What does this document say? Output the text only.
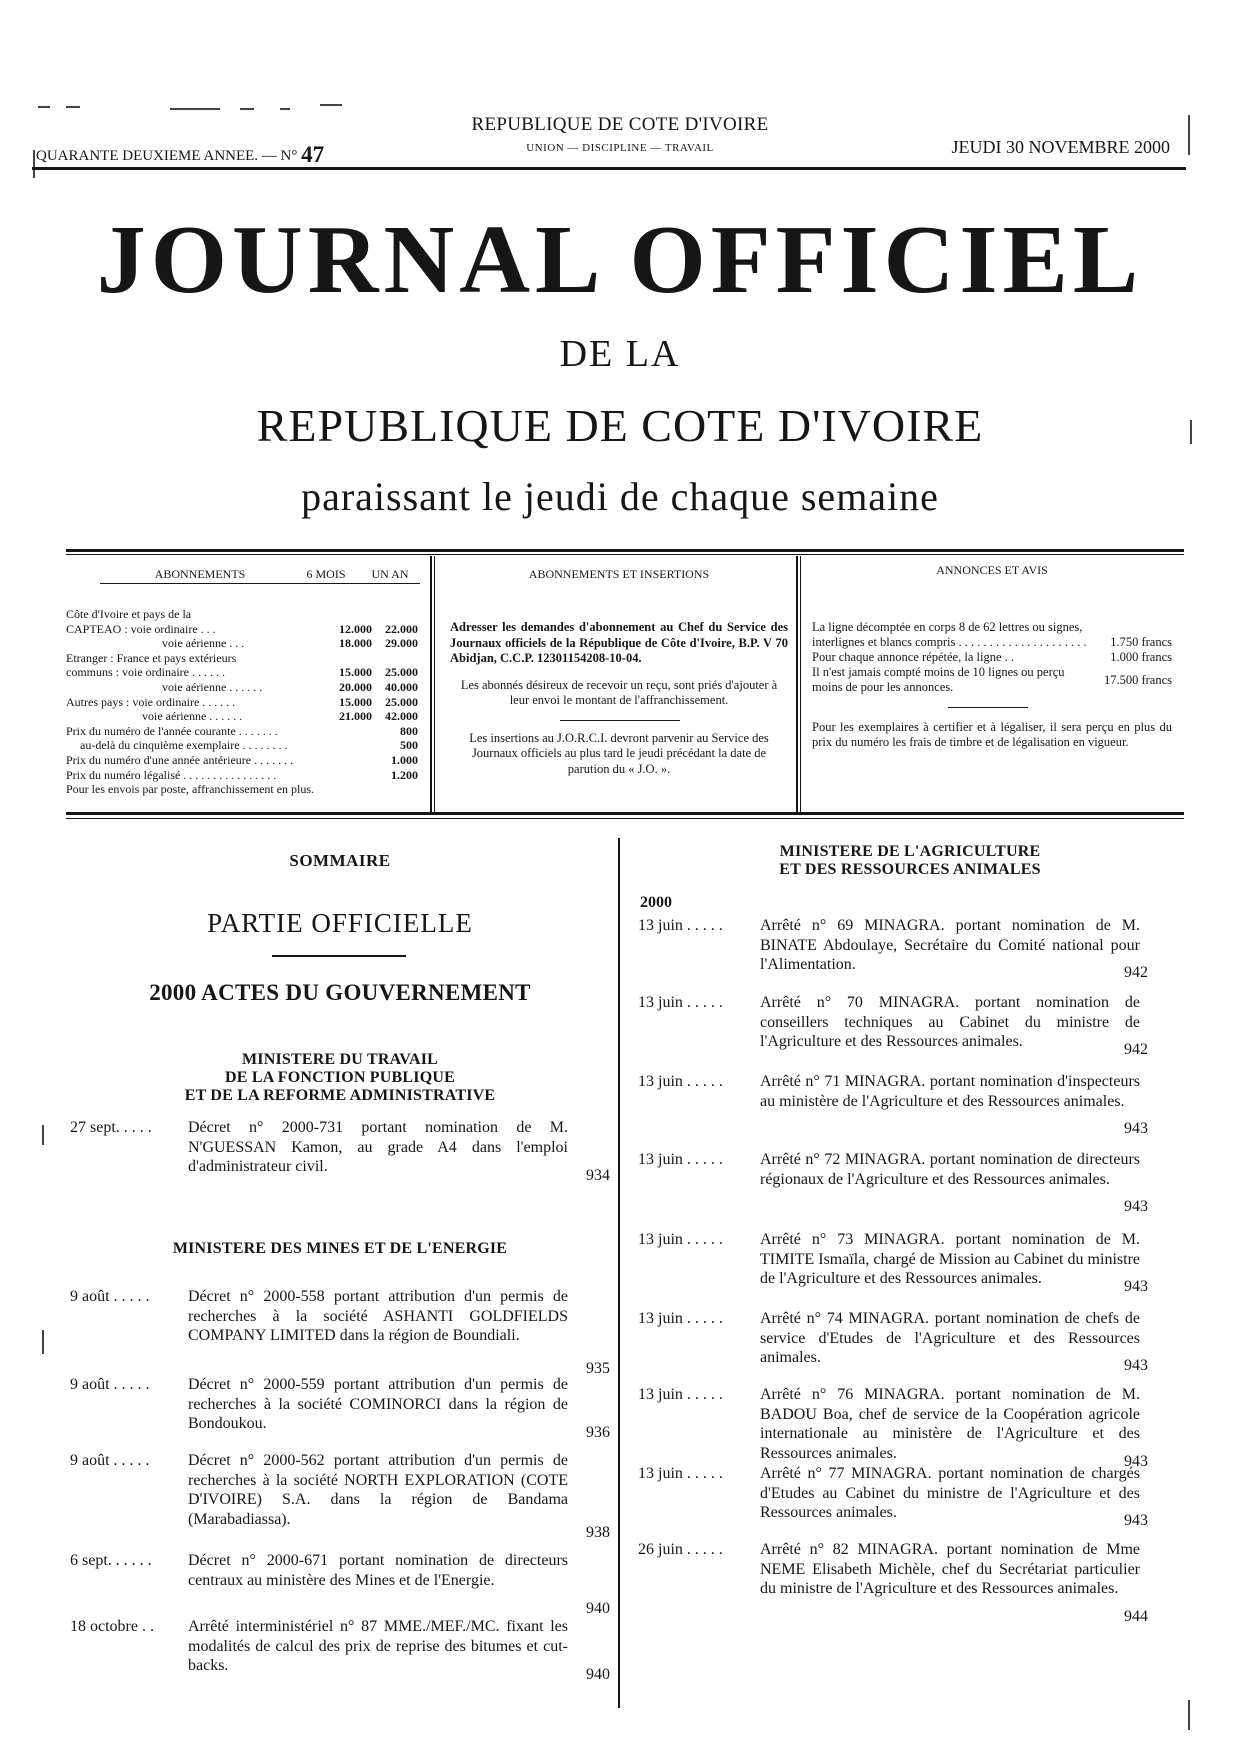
REPUBLIQUE DE COTE D'IVOIRE
QUARANTE DEUXIEME ANNEE. — N° 47	UNION — DISCIPLINE — TRAVAIL	JEUDI 30 NOVEMBRE 2000
JOURNAL OFFICIEL
DE LA
REPUBLIQUE DE COTE D'IVOIRE
paraissant le jeudi de chaque semaine
ABONNEMENTS	6 MOIS	UN AN
Côte d'Ivoire et pays de la
CAPTEAO : voie ordinaire . . .	12.000	22.000
voie aérienne . . .	18.000	29.000
Etranger : France et pays extérieurs
communs : voie ordinaire . . . . . .	15.000	25.000
voie aérienne . . . . . .	20.000	40.000
Autres pays : voie ordinaire . . . . . .	15.000	25.000
voie aérienne . . . . . .	21.000	42.000
Prix du numéro de l'année courante . . . . . . .	800
au-delà du cinquième exemplaire . . . . . . . .	500
Prix du numéro d'une année antérieure . . . . . . .	1.000
Prix du numéro légalisé . . . . . . . . . . . . . . . .	1.200
Pour les envois par poste, affranchissement en plus.
ABONNEMENTS ET INSERTIONS

Adresser les demandes d'abonnement au Chef du Service des Journaux officiels de la République de Côte d'Ivoire, B.P. V 70 Abidjan, C.C.P. 12301154208-10-04.

Les abonnés désireux de recevoir un reçu, sont priés d'ajouter à leur envoi le montant de l'affranchissement.

Les insertions au J.O.R.C.I. devront parvenir au Service des Journaux officiels au plus tard le jeudi précédant la date de parution du « J.O. ».

ANNONCES ET AVIS
La ligne décomptée en corps 8 de 62 lettres ou signes, interlignes et blancs compris . . . . . . . . . . . . . . . . . . . . .	1.750 francs
Pour chaque annonce répétée, la ligne . .	1.000 francs
Il n'est jamais compté moins de 10 lignes ou perçu moins de pour les annonces.
17.500 francs
Pour les exemplaires à certifier et à légaliser, il sera perçu en plus du prix du numéro les frais de timbre et de légalisation en vigueur.
SOMMAIRE
PARTIE OFFICIELLE
2000 ACTES DU GOUVERNEMENT
MINISTERE DU TRAVAIL
DE LA FONCTION PUBLIQUE
ET DE LA REFORME ADMINISTRATIVE
MINISTERE DES MINES ET DE L'ENERGIE
MINISTERE DE L'AGRICULTURE
ET DES RESSOURCES ANIMALES
2000
27 sept. . . . .	Décret n° 2000-731 portant nomination de M. N'GUESSAN Kamon, au grade A4 dans l'emploi d'administrateur civil.
934
9 août . . . . .	Décret n° 2000-558 portant attribution d'un permis de recherches à la société ASHANTI GOLDFIELDS COMPANY LIMITED dans la région de Boundiali.
935
9 août . . . . .	Décret n° 2000-559 portant attribution d'un permis de recherches à la société COMINORCI dans la région de Bondoukou.
936
9 août . . . . .	Décret n° 2000-562 portant attribution d'un permis de recherches à la société NORTH EXPLORATION (COTE D'IVOIRE) S.A. dans la région de Bandama (Marabadiassa).
938
6 sept. . . . . .	Décret n° 2000-671 portant nomination de directeurs centraux au ministère des Mines et de l'Energie.
940
18 octobre . .	Arrêté interministériel n° 87 MME./MEF./MC. fixant les modalités de calcul des prix de reprise des bitumes et cut-backs.
940
13 juin . . . . . Arrêté n° 69 MINAGRA. portant nomination de M. BINATE Abdoulaye, Secrétaire du Comité national pour l'Alimentation.	942
13 juin . . . . . Arrêté n° 70 MINAGRA. portant nomination de conseillers techniques au Cabinet du ministre de l'Agriculture et des Ressources animales.	942
13 juin . . . . . Arrêté n° 71 MINAGRA. portant nomination d'inspecteurs au ministère de l'Agriculture et des Ressources animales.
943
13 juin . . . . . Arrêté n° 72 MINAGRA. portant nomination de directeurs régionaux de l'Agriculture et des Ressources animales.
943
13 juin . . . . . Arrêté n° 73 MINAGRA. portant nomination de M. TIMITE Ismaïla, chargé de Mission au Cabinet du ministre de l'Agriculture et des Ressources animales.	943
13 juin . . . . . Arrêté n° 74 MINAGRA. portant nomination de chefs de service d'Etudes de l'Agriculture et des Ressources animales.	943
13 juin . . . . . Arrêté n° 76 MINAGRA. portant nomination de M. BADOU Boa, chef de service de la Coopération agricole internationale au ministère de l'Agriculture et des Ressources animales.	943
13 juin . . . . . Arrêté n° 77 MINAGRA. portant nomination de chargés d'Etudes au Cabinet du ministre de l'Agriculture et des Ressources animales.	943
26 juin . . . . . Arrêté n° 82 MINAGRA. portant nomination de Mme NEME Elisabeth Michèle, chef du Secrétariat particulier du ministre de l'Agriculture et des Ressources animales.
944
